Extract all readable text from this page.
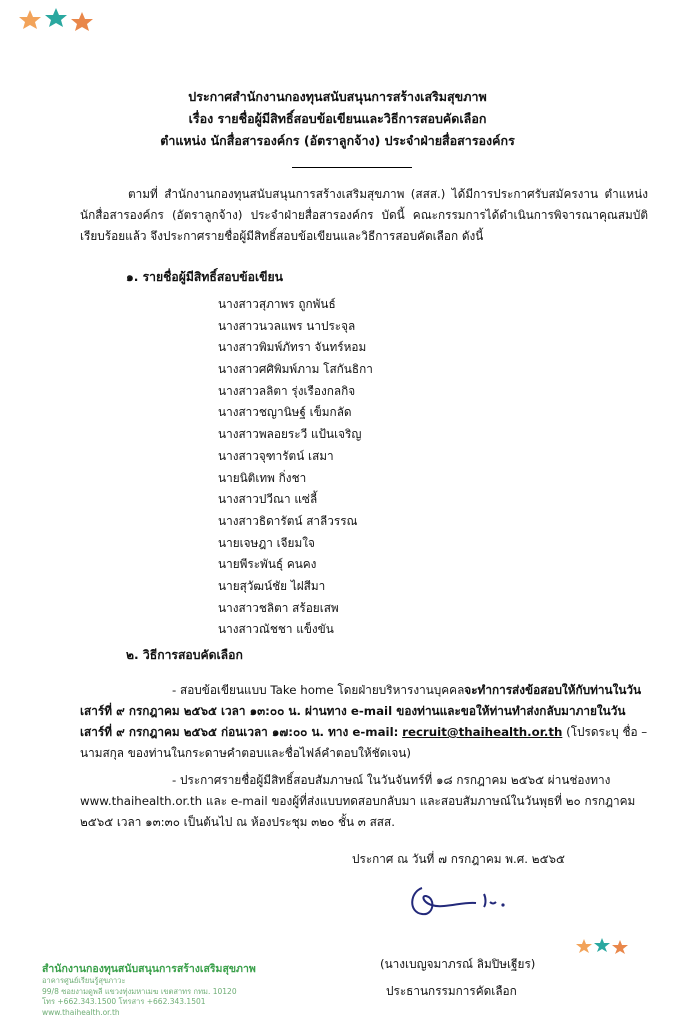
ประกาศสำนักงานกองทุนสนับสนุนการสร้างเสริมสุขภาพ
เรื่อง รายชื่อผู้มีสิทธิ์สอบข้อเขียนและวิธีการสอบคัดเลือก
ตำแหน่ง นักสื่อสารองค์กร (อัตราลูกจ้าง) ประจำฝ่ายสื่อสารองค์กร
ตามที่ สำนักงานกองทุนสนับสนุนการสร้างเสริมสุขภาพ (สสส.) ได้มีการประกาศรับสมัครงาน ตำแหน่ง นักสื่อสารองค์กร (อัตราลูกจ้าง) ประจำฝ่ายสื่อสารองค์กร บัดนี้ คณะกรรมการได้ดำเนินการพิจารณาคุณสมบัติเรียบร้อยแล้ว จึงประกาศรายชื่อผู้มีสิทธิ์สอบข้อเขียนและวิธีการสอบคัดเลือก ดังนี้
๑. รายชื่อผู้มีสิทธิ์สอบข้อเขียน
นางสาวสุภาพร ถูกพันธ์
นางสาวนวลแพร นาประจุล
นางสาวพิมพ์ภัทรา จันทร์หอม
นางสาวศศิพิมพ์ภาม โสกันธิกา
นางสาวลลิตา รุ่งเรืองกลกิจ
นางสาวชญานิษฐ์ เข็มกลัด
นางสาวพลอยระวี แป้นเจริญ
นางสาวจุฑารัตน์ เสมา
นายนิติเทพ กิ่งชา
นางสาวปวีณา แซ่ลี้
นางสาวธิดารัตน์ สาลีวรรณ
นายเจษฎา เจียมใจ
นายพีระพันธุ์ คนคง
นายสุวัฒน์ชัย ไฝสีมา
นางสาวชลิตา สร้อยเสพ
นางสาวณัชชา แข็งขัน
๒. วิธีการสอบคัดเลือก
- สอบข้อเขียนแบบ Take home โดยฝ่ายบริหารงานบุคคลจะทำการส่งข้อสอบให้กับท่านในวันเสาร์ที่ ๙ กรกฎาคม ๒๕๖๕ เวลา ๑๓:๐๐ น. ผ่านทาง e-mail ของท่านและขอให้ท่านทำส่งกลับมาภายในวันเสาร์ที่ ๙ กรกฎาคม ๒๕๖๕ ก่อนเวลา ๑๗:๐๐ น. ทาง e-mail: recruit@thaihealth.or.th (โปรดระบุ ชื่อ – นามสกุล ของท่านในกระดาษคำตอบและชื่อไฟล์คำตอบให้ชัดเจน)
- ประกาศรายชื่อผู้มีสิทธิ์สอบสัมภาษณ์ ในวันจันทร์ที่ ๑๘ กรกฎาคม ๒๕๖๕ ผ่านช่องทาง www.thaihealth.or.th และ e-mail ของผู้ที่ส่งแบบทดสอบกลับมา และสอบสัมภาษณ์ในวันพุธที่ ๒๐ กรกฎาคม ๒๕๖๕ เวลา ๑๓:๓๐ เป็นต้นไป ณ ห้องประชุม ๓๒๐ ชั้น ๓ สสส.
ประกาศ ณ วันที่ ๗ กรกฎาคม พ.ศ. ๒๕๖๕
(นางเบญจมาภรณ์ ลิมปิษเฐียร)
ประธานกรรมการคัดเลือก
สำนักงานกองทุนสนับสนุนการสร้างเสริมสุขภาพ
อาคารศูนย์เรียนรู้สุขภาวะ
99/8 ซอยงามดูพลี แขวงทุ่งมหาเมฆ เขตสาทร กทม. 10120
โทร +662.343.1500 โทรสาร +662.343.1501
www.thaihealth.or.th
